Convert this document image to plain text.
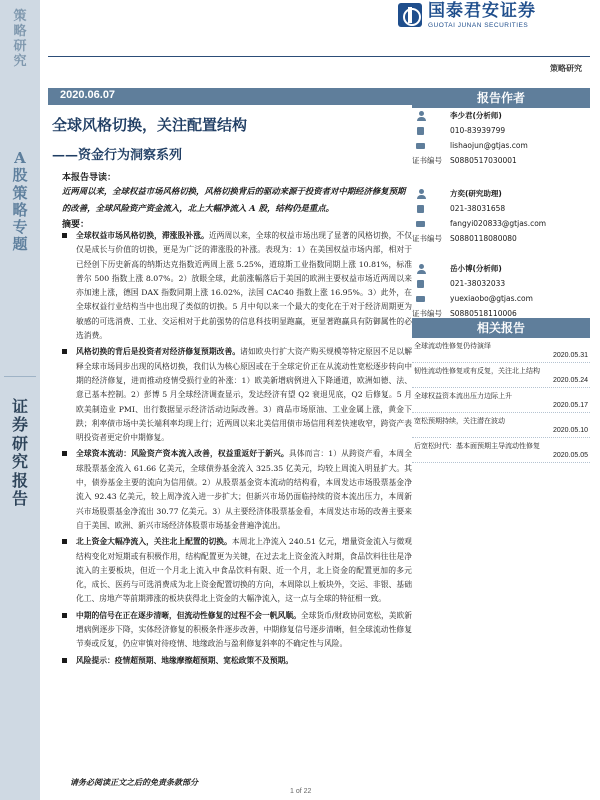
策
略
研
究
A
股
策
略
专
题
证
券
研
究
报
告
国泰君安证券
GUOTAI JUNAN SECURITIES
策略研究
2020.06.07
全球风格切换，关注配置结构
——资金行为洞察系列
本报告导读：
近两周以来，全球权益市场风格切换，风格切换背后的驱动来源于投资者对中期经济修复预期的改善，全球风险资产资金流入，北上大幅净流入 A 股，结构仍是重点。
摘要：
全球权益市场风格切换，滞涨股补涨。近两周以来，全球的权益市场出现了显著的风格切换，不仅仅是成长与价值的切换，更是为广泛的滞涨股的补涨。表现为：1）在美国权益市场内部，相对于已经创下历史新高的纳斯达克指数近两周上涨 5.25%，道琼斯工业指数同期上涨 10.81%，标准普尔 500 指数上涨 8.07%。2）放眼全球，此前涨幅落后于美国的欧洲主要权益市场近两周以来亦加速上涨，德国 DAX 指数同期上涨 16.02%，法国 CAC40 指数上涨 16.95%。3）此外，在全球权益行业结构当中也出现了类似的切换。5 月中旬以来一个最大的变化在于对于经济周期更为敏感的可选消费、工业、交运相对于此前强势的信息科技明显跑赢，更显著跑赢具有防御属性的必选消费。
风格切换的背后是投资者对经济修复预期改善。诸如欧央行扩大资产购买规模等特定原因不足以解释全球市场同步出现的风格切换，我们认为核心原因或在于全球定价正在从流动性宽松逐步转向中期的经济修复，进而推动疫情受损行业的补涨：1）欧美新增病例进入下降通道，欧洲如德、法、意已基本控制。2）彭博 5 月全球经济调查显示，发达经济有望 Q2 衰退见底，Q2 后修复。5 月欧美制造业 PMI、出行数据显示经济活动边际改善。3）商品市场原油、工业金属上涨，黄金下跌；利率债市场中美长端利率均现上行；近两周以来北美信用债市场信用利差快速收窄，跨资产表明投资者更定价中期修复。
全球资本流动：风险资产资本流入改善，权益重返好于新兴。具体而言：1）从跨资产看，本周全球股票基金流入 61.66 亿美元，全球债券基金流入 325.35 亿美元，均较上周流入明显扩大。其中，债券基金主要的流向为信用债。2）从股票基金资本流动的结构看，本周发达市场股票基金净流入 92.43 亿美元，较上周净流入进一步扩大；但新兴市场仍面临持续的资本流出压力，本周新兴市场股票基金净流出 30.77 亿美元。3）从主要经济体股票基金看，本周发达市场的改善主要来自于美国、欧洲、新兴市场经济体股票市场基金普遍净流出。
北上资金大幅净流入，关注北上配置的切换。本周北上净流入 240.51 亿元，增量资金流入与微观结构变化对短期或有积极作用，结构配置更为关键，在过去北上资金流入时期，食品饮料往往是净流入的主要板块，但近一个月北上流入中食品饮料有限、近一个月，北上资金的配置更加的多元化，成长、医药与可选消费成为北上资金配置切换的方向，本周除以上板块外，交运、非银、基础化工、房地产等前期滞涨的板块获得北上资金的大幅净流入，这一点与全球的特征相一致。
中期的信号在正在逐步清晰，但流动性修复的过程不会一帆风顺。全球货币/财政协同宽松，美欧新增病例逐步下降，实体经济修复的积极条件逐步改善，中期修复信号逐步清晰，但全球流动性修复节奏或反复，仍应审慎对待疫情、地缘政治与盈利修复斜率的不确定性与风险。
风险提示：疫情超预期、地缘摩擦超预期、宽松政策不及预期。
请务必阅读正文之后的免责条款部分
1 of 22
报告作者
李少君(分析师)
010-83939799
lishaojun@gtjas.com
证书编号 S0880517030001
方奕(研究助理)
021-38031658
fangyi020833@gtjas.com
证书编号 S0880118080080
岳小博(分析师)
021-38032033
yuexiaobo@gtjas.com
证书编号 S0880518110006
相关报告
全球流动性修复仍待演绎
2020.05.31
韧性流动性修复或有反复，关注北上结构
2020.05.24
全球权益资本流出压力边际上升
2020.05.17
宽松预期持续，关注潜在波动
2020.05.10
后宽松时代：基本面预期主导流动性修复
2020.05.05
